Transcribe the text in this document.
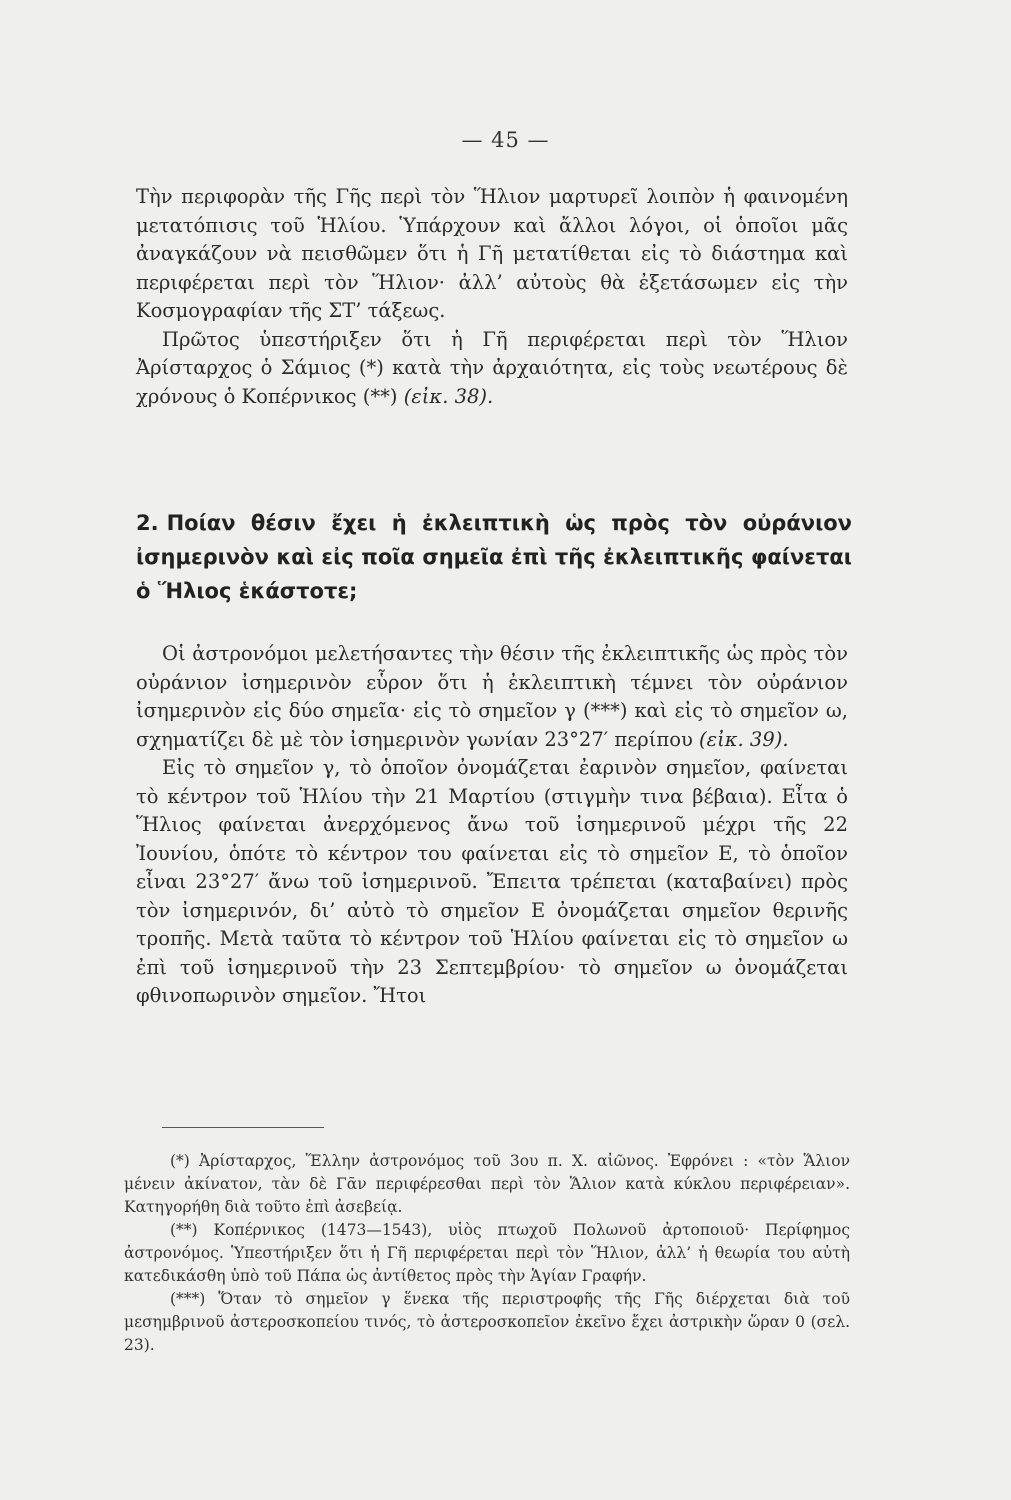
— 45 —

Τὴν περιφορὰν τῆς Γῆς περὶ τὸν Ἥλιον μαρτυρεῖ λοιπὸν ἡ φαινομένη μετατόπισις τοῦ Ἡλίου. Ὑπάρχουν καὶ ἄλλοι λόγοι, οἱ ὁποῖοι μᾶς ἀναγκάζουν νὰ πεισθῶμεν ὅτι ἡ Γῆ μετατίθεται εἰς τὸ διάστημα καὶ περιφέρεται περὶ τὸν Ἥλιον· ἀλλ’ αὐτοὺς θὰ ἐξετάσωμεν εἰς τὴν Κοσμογραφίαν τῆς ΣΤ’ τάξεως.

Πρῶτος ὑπεστήριξεν ὅτι ἡ Γῆ περιφέρεται περὶ τὸν Ἥλιον Ἀρίσταρχος ὁ Σάμιος (*) κατὰ τὴν ἀρχαιότητα, εἰς τοὺς νεωτέρους δὲ χρόνους ὁ Κοπέρνικος (**) (εἰκ. 38).

2. Ποίαν θέσιν ἔχει ἡ ἐκλειπτικὴ ὡς πρὸς τὸν οὐράνιον ἰσημερινὸν καὶ εἰς ποῖα σημεῖα ἐπὶ τῆς ἐκλειπτικῆς φαίνεται ὁ Ἥλιος ἑκάστοτε;

Οἱ ἀστρονόμοι μελετήσαντες τὴν θέσιν τῆς ἐκλειπτικῆς ὡς πρὸς τὸν οὐράνιον ἰσημερινὸν εὗρον ὅτι ἡ ἐκλειπτικὴ τέμνει τὸν οὐράνιον ἰσημερινὸν εἰς δύο σημεῖα· εἰς τὸ σημεῖον γ (***) καὶ εἰς τὸ σημεῖον ω, σχηματίζει δὲ μὲ τὸν ἰσημερινὸν γωνίαν 23°27′ περίπου (εἰκ. 39).

Εἰς τὸ σημεῖον γ, τὸ ὁποῖον ὀνομάζεται ἐαρινὸν σημεῖον, φαίνεται τὸ κέντρον τοῦ Ἡλίου τὴν 21 Μαρτίου (στιγμὴν τινα βέβαια). Εἶτα ὁ Ἥλιος φαίνεται ἀνερχόμενος ἄνω τοῦ ἰσημερινοῦ μέχρι τῆς 22 Ἰουνίου, ὁπότε τὸ κέντρον του φαίνεται εἰς τὸ σημεῖον Ε, τὸ ὁποῖον εἶναι 23°27′ ἄνω τοῦ ἰσημερινοῦ. Ἔπειτα τρέπεται (καταβαίνει) πρὸς τὸν ἰσημερινόν, δι’ αὐτὸ τὸ σημεῖον Ε ὀνομάζεται σημεῖον θερινῆς τροπῆς. Μετὰ ταῦτα τὸ κέντρον τοῦ Ἡλίου φαίνεται εἰς τὸ σημεῖον ω ἐπὶ τοῦ ἰσημερινοῦ τὴν 23 Σεπτεμβρίου· τὸ σημεῖον ω ὀνομάζεται φθινοπωρινὸν σημεῖον. Ἤτοι

(*) Ἀρίσταρχος, Ἕλλην ἀστρονόμος τοῦ 3ου π. Χ. αἰῶνος. Ἐφρόνει : «τὸν Ἅλιον μένειν ἀκίνατον, τὰν δὲ Γᾶν περιφέρεσθαι περὶ τὸν Ἅλιον κατὰ κύκλου περιφέρειαν». Κατηγορήθη διὰ τοῦτο ἐπὶ ἀσεβείᾳ.

(**) Κοπέρνικος (1473—1543), υἱὸς πτωχοῦ Πολωνοῦ ἀρτοποιοῦ· Περίφημος ἀστρονόμος. Ὑπεστήριξεν ὅτι ἡ Γῆ περιφέρεται περὶ τὸν Ἥλιον, ἀλλ’ ἡ θεωρία του αὐτὴ κατεδικάσθη ὑπὸ τοῦ Πάπα ὡς ἀντίθετος πρὸς τὴν Ἁγίαν Γραφήν.

(***) Ὅταν τὸ σημεῖον γ ἕνεκα τῆς περιστροφῆς τῆς Γῆς διέρχεται διὰ τοῦ μεσημβρινοῦ ἀστεροσκοπείου τινός, τὸ ἀστεροσκοπεῖον ἐκεῖνο ἔχει ἀστρικὴν ὥραν 0 (σελ. 23).
